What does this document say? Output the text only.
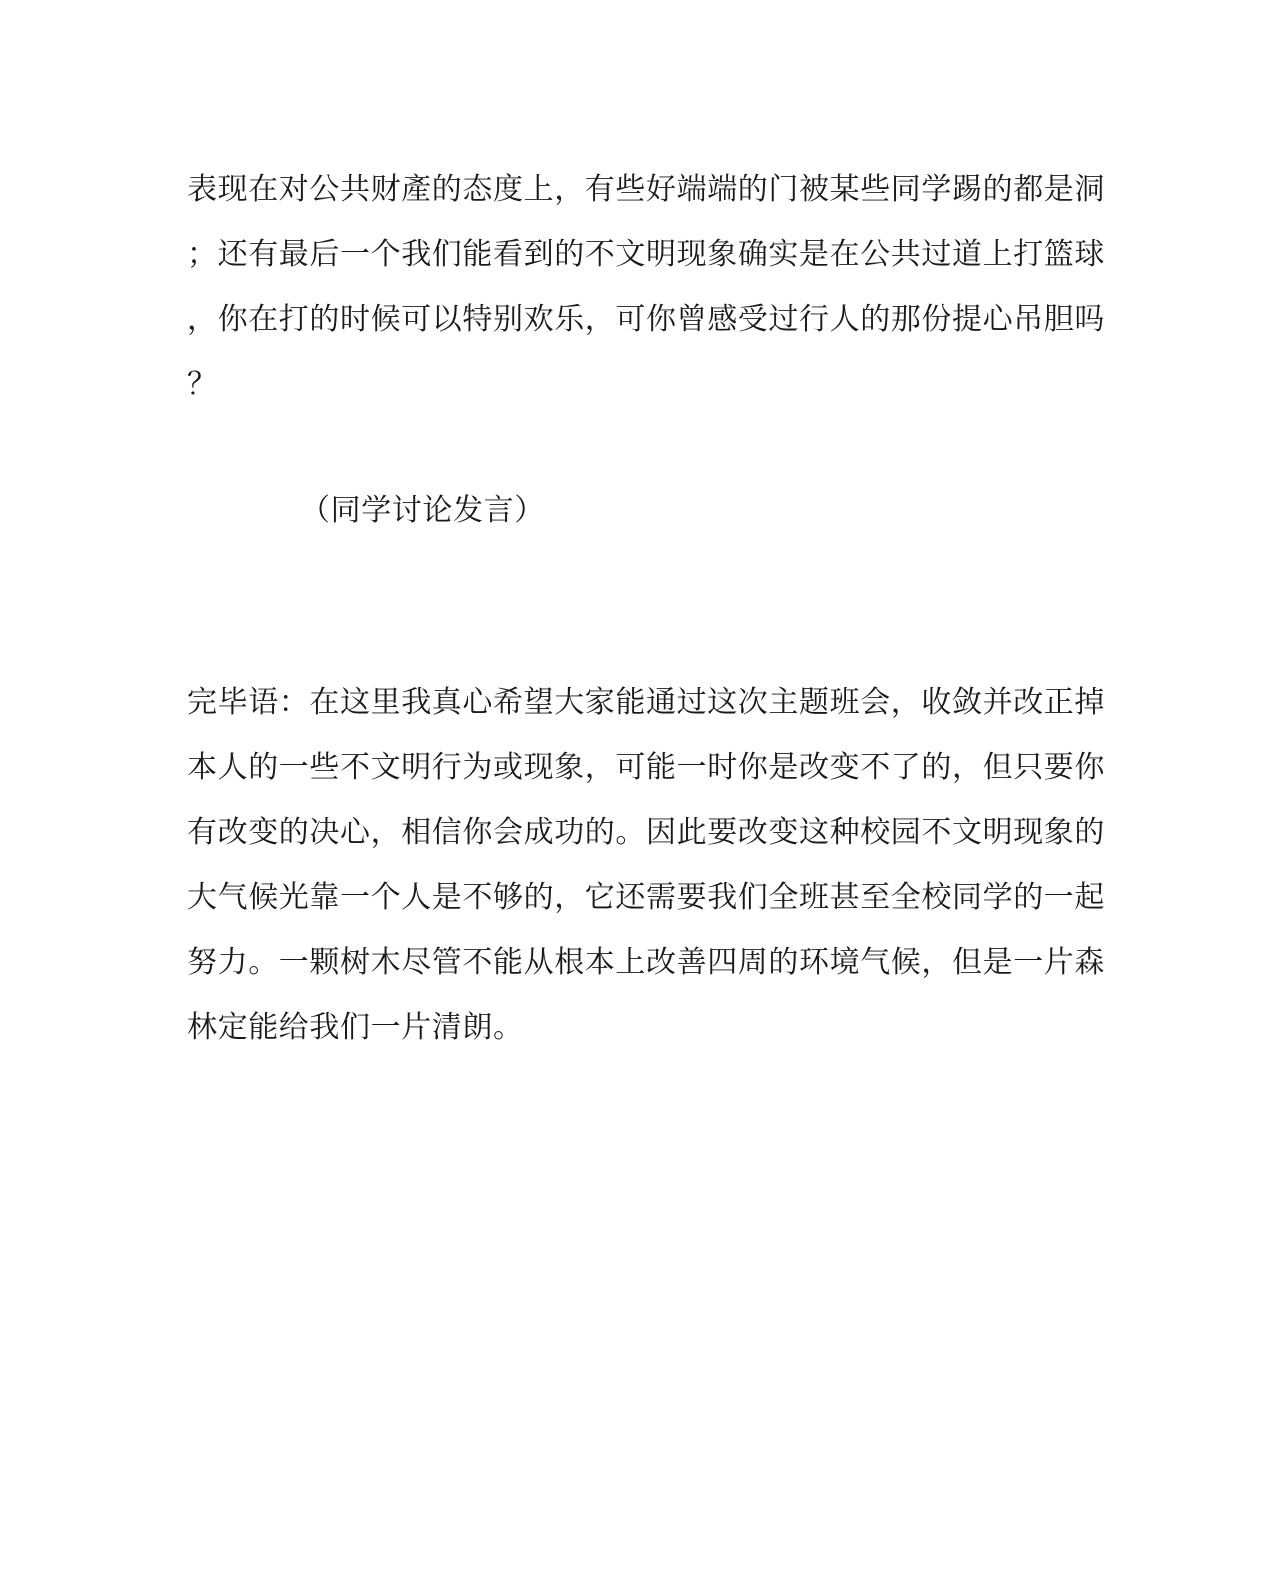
表现在对公共财產的态度上，有些好端端的门被某些同学踢的都是洞
；还有最后一个我们能看到的不文明现象确实是在公共过道上打篮球
，你在打的时候可以特别欢乐，可你曾感受过行人的那份提心吊胆吗
？
（同学讨论发言）
完毕语：在这里我真心希望大家能通过这次主题班会，收敛并改正掉
本人的一些不文明行为或现象，可能一时你是改变不了的，但只要你
有改变的决心，相信你会成功的。因此要改变这种校园不文明现象的
大气候光靠一个人是不够的，它还需要我们全班甚至全校同学的一起
努力。一颗树木尽管不能从根本上改善四周的环境气候，但是一片森
林定能给我们一片清朗。
